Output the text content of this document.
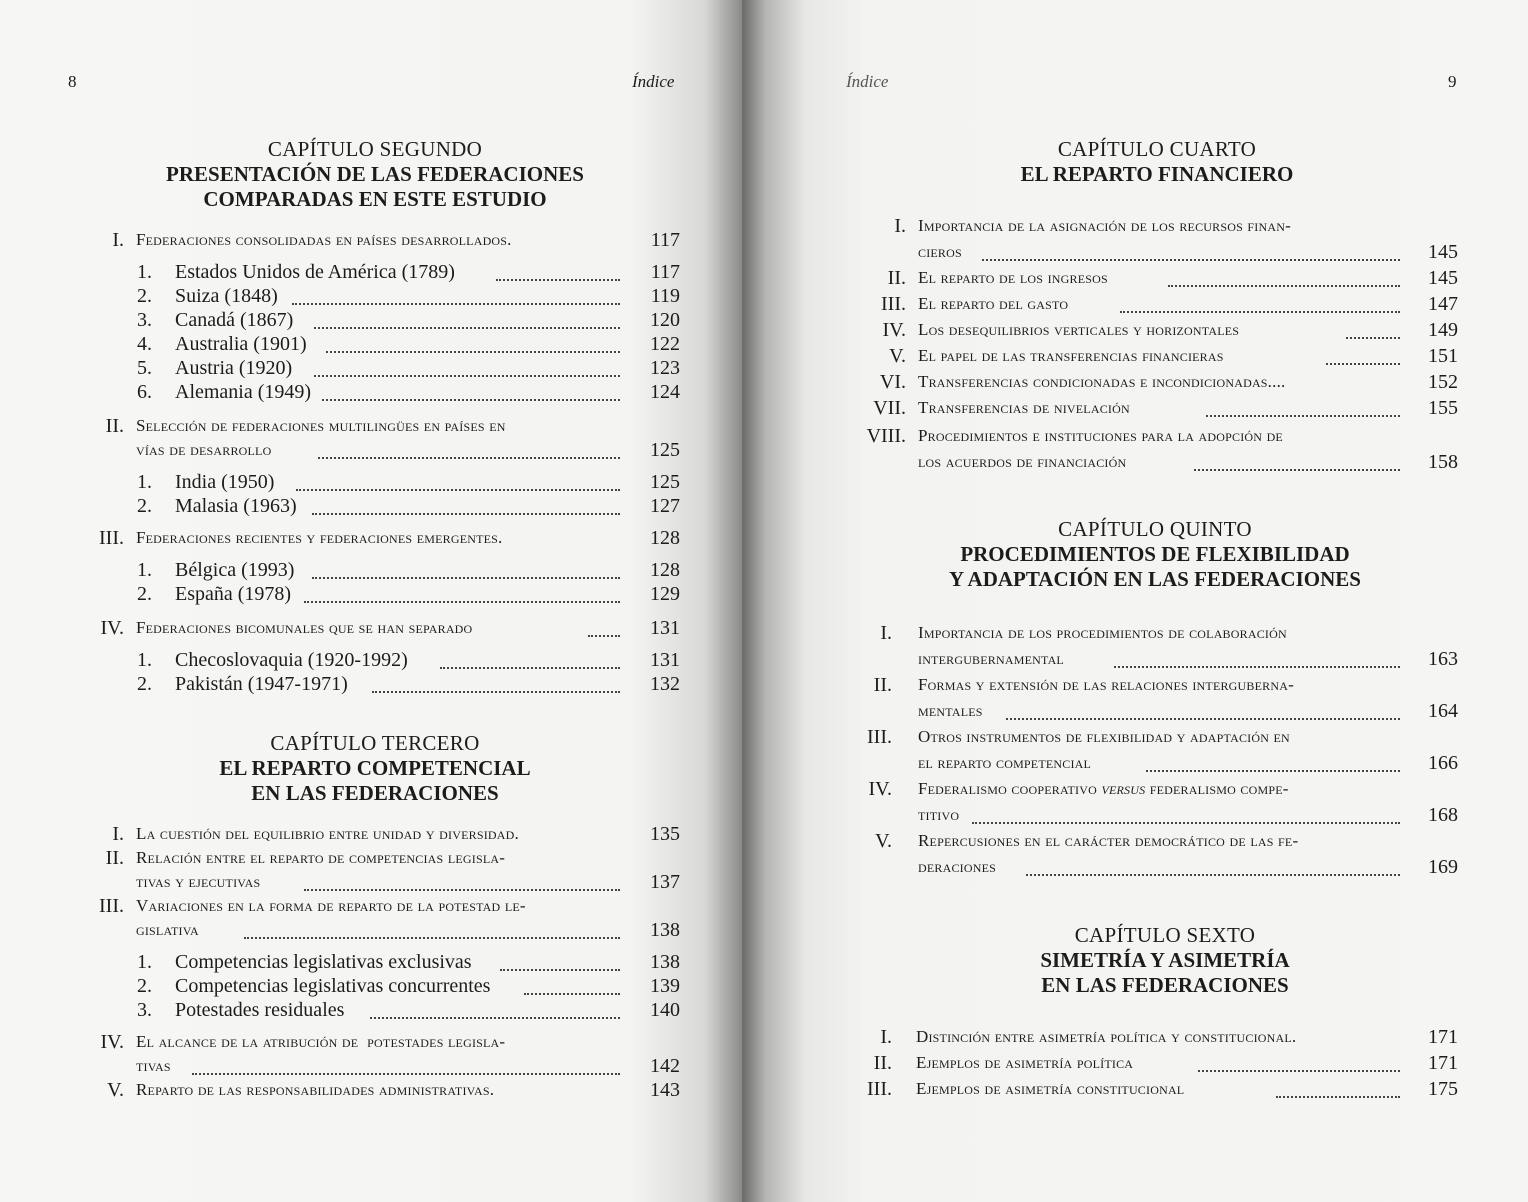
8	Índice
CAPÍTULO SEGUNDO
PRESENTACIÓN DE LAS FEDERACIONES
COMPARADAS EN ESTE ESTUDIO
I. Federaciones consolidadas en países desarrollados.	117
1. Estados Unidos de América (1789)	117
2. Suiza (1848)	119
3. Canadá (1867)	120
4. Australia (1901)	122
5. Austria (1920)	123
6. Alemania (1949)	124
II. Selección de federaciones multilingües en países en
vías de desarrollo	125
1. India (1950)	125
2. Malasia (1963)	127
III. Federaciones recientes y federaciones emergentes.	128
1. Bélgica (1993)	128
2. España (1978)	129
IV. Federaciones bicomunales que se han separado	131
1. Checoslovaquia (1920-1992)	131
2. Pakistán (1947-1971)	132
CAPÍTULO TERCERO
EL REPARTO COMPETENCIAL
EN LAS FEDERACIONES
I. La cuestión del equilibrio entre unidad y diversidad.	135
II. Relación entre el reparto de competencias legisla-
tivas y ejecutivas	137
III. Variaciones en la forma de reparto de la potestad le-
gislativa	138
1. Competencias legislativas exclusivas	138
2. Competencias legislativas concurrentes	139
3. Potestades residuales	140
IV. El alcance de la atribución de  potestades legisla-
tivas	142
V. Reparto de las responsabilidades administrativas.	143
Índice	9
CAPÍTULO CUARTO
EL REPARTO FINANCIERO
I. Importancia de la asignación de los recursos finan-
cieros	145
II. El reparto de los ingresos	145
III. El reparto del gasto	147
IV. Los desequilibrios verticales y horizontales	149
V. El papel de las transferencias financieras	151
VI. Transferencias condicionadas e incondicionadas....	152
VII. Transferencias de nivelación	155
VIII. Procedimientos e instituciones para la adopción de
los acuerdos de financiación	158
CAPÍTULO QUINTO
PROCEDIMIENTOS DE FLEXIBILIDAD
Y ADAPTACIÓN EN LAS FEDERACIONES
I. Importancia de los procedimientos de colaboración
intergubernamental	163
II. Formas y extensión de las relaciones interguberna-
mentales	164
III. Otros instrumentos de flexibilidad y adaptación en
el reparto competencial	166
IV. Federalismo cooperativo versus federalismo compe-
titivo	168
V. Repercusiones en el carácter democrático de las fe-
deraciones	169
CAPÍTULO SEXTO
SIMETRÍA Y ASIMETRÍA
EN LAS FEDERACIONES
I. Distinción entre asimetría política y constitucional.	171
II. Ejemplos de asimetría política	171
III. Ejemplos de asimetría constitucional	175
